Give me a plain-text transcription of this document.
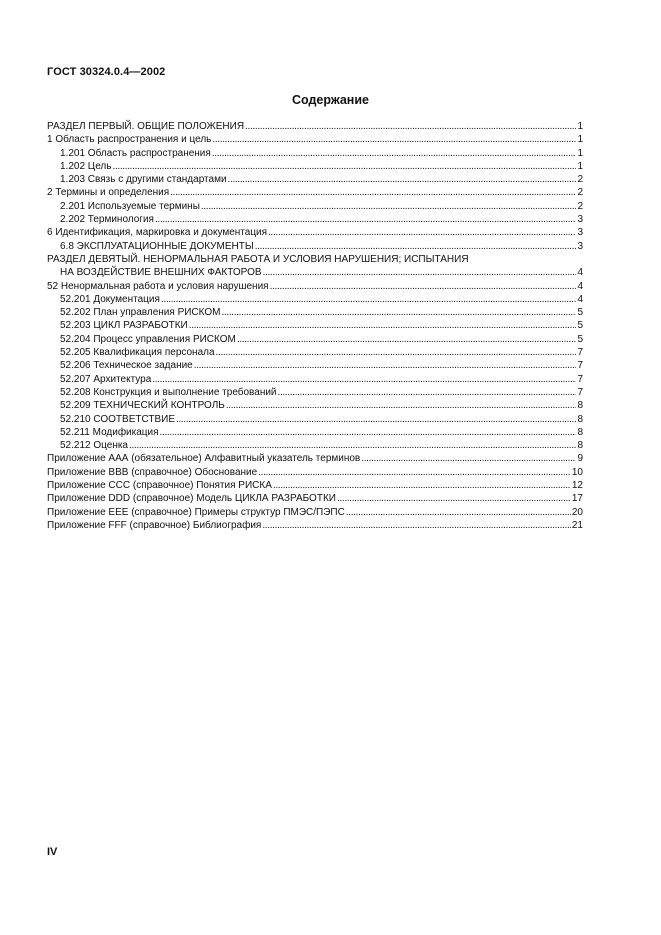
ГОСТ 30324.0.4—2002
Содержание
РАЗДЕЛ ПЕРВЫЙ. ОБЩИЕ ПОЛОЖЕНИЯ . . .	1
1 Область распространения и цель . . .	1
1.201 Область распространения . . .	1
1.202 Цель . . .	1
1.203 Связь с другими стандартами . . .	2
2 Термины и определения . . .	2
2.201 Используемые термины . . .	2
2.202 Терминология . . .	3
6 Идентификация, маркировка и документация . . .	3
6.8 ЭКСПЛУАТАЦИОННЫЕ ДОКУМЕНТЫ . . .	3
РАЗДЕЛ ДЕВЯТЫЙ. НЕНОРМАЛЬНАЯ РАБОТА И УСЛОВИЯ НАРУШЕНИЯ; ИСПЫТАНИЯ
НА ВОЗДЕЙСТВИЕ ВНЕШНИХ ФАКТОРОВ . . .	4
52 Ненормальная работа и условия нарушения . . .	4
52.201 Документация . . .	4
52.202 План управления РИСКОМ . . .	5
52.203 ЦИКЛ РАЗРАБОТКИ . . .	5
52.204 Процесс управления РИСКОМ . . .	5
52.205 Квалификация персонала . . .	7
52.206 Техническое задание . . .	7
52.207 Архитектура . . .	7
52.208 Конструкция и выполнение требований . . .	7
52.209 ТЕХНИЧЕСКИЙ КОНТРОЛЬ . . .	8
52.210 СООТВЕТСТВИЕ . . .	8
52.211 Модификация . . .	8
52.212 Оценка . . .	8
Приложение ААА (обязательное) Алфавитный указатель терминов . . .	9
Приложение ВВВ (справочное) Обоснование . . .	10
Приложение ССС (справочное) Понятия РИСКА . . .	12
Приложение DDD (справочное) Модель ЦИКЛА РАЗРАБОТКИ . . .	17
Приложение ЕЕЕ (справочное) Примеры структур ПМЭС/ПЭПС . . .	20
Приложение FFF (справочное) Библиография . . .	21
IV
